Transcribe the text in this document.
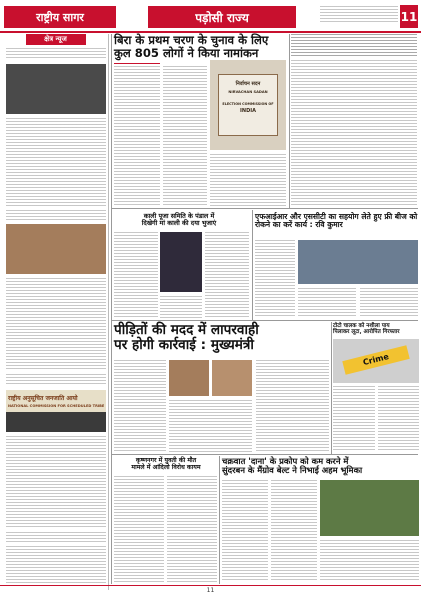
राष्ट्रीय सागर	पड़ोसी राज्य	11
क्षेत्र न्यूज
राष्ट्रीय अनुसूचित जनजाति आयो
NATIONAL COMMISSION FOR SCHEDULED TRIBE
बिरा के प्रथम चरण के चुनाव के लिए
कुल 805 लोगों ने किया नामांकन
निर्वाचन सदन
NIRVACHAN SADAN
ELECTION COMMISSION OF
INDIA
काली पूजा समिति के पंडाल में
दिखेगी मां काली की दया भुजाएं
एफआईआर और एससीटी का सहयोग लेते हुए फ्री बीज को रोकने का करें कार्य : रवि कुमार
पीड़ितों की मदद में लापरवाही
पर होगी कार्रवाई : मुख्यमंत्री
टोटो चालक को नशीला पाय
पिलाकर लूटा, आरोपित गिरफ्तार
Crime
कृष्णनगर में युवती की मौत
मामले में आंदिलो विरोध कायम
चक्रवात 'दाना' के प्रकोप को कम करने में
सुंदरबन के मैंग्रोव बेल्ट ने निभाई अहम भूमिका
11
